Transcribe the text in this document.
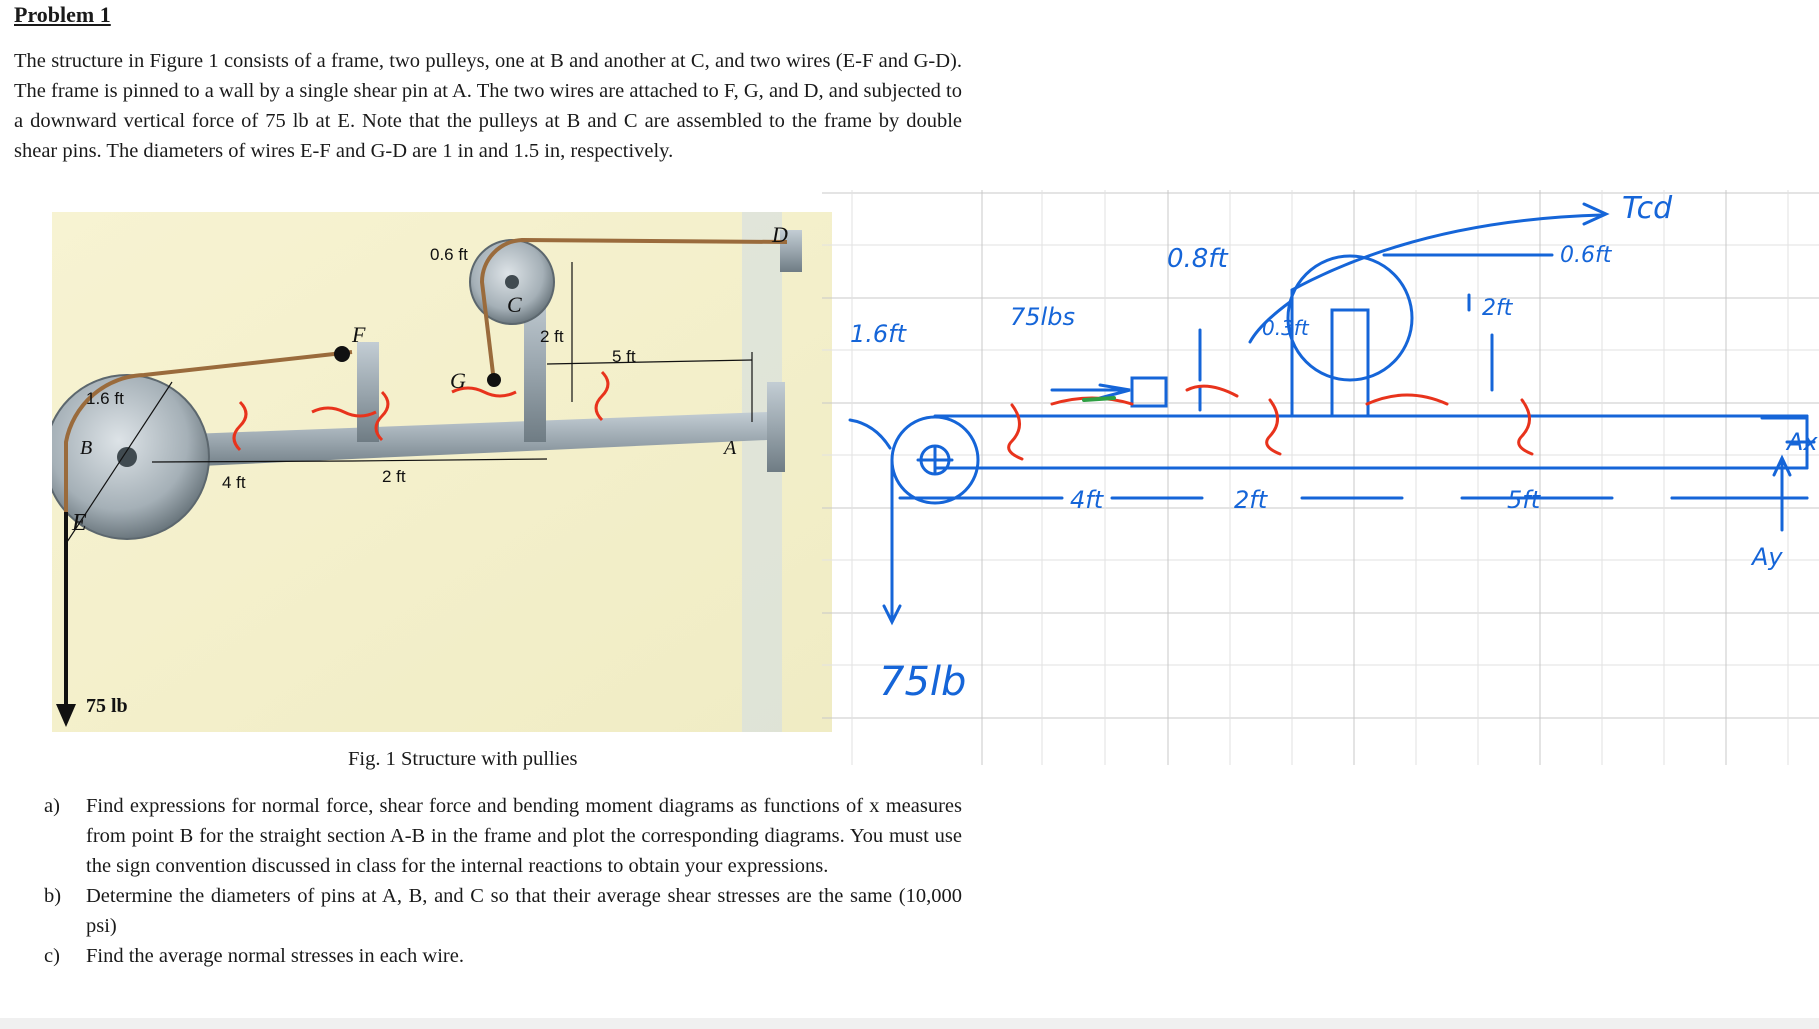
Problem 1
The structure in Figure 1 consists of a frame, two pulleys, one at B and another at C, and two wires (E-F and G-D). The frame is pinned to a wall by a single shear pin at A. The two wires are attached to F, G, and D, and subjected to a downward vertical force of 75 lb at E. Note that the pulleys at B and C are assembled to the frame by double shear pins. The diameters of wires E-F and G-D are 1 in and 1.5 in, respectively.
0.6 ft
D
C
F	2 ft
5 ft
G
1.6 ft
B	A
4 ft	2 ft
E
75 lb
Tcd
0.6ft
0.8ft
75lbs
1.6ft	0.3ft
2ft
Ax
Ay
4ft	2ft	5ft
75lb
Fig. 1 Structure with pullies
a) Find expressions for normal force, shear force and bending moment diagrams as functions of x measures from point B for the straight section A-B in the frame and plot the corresponding diagrams. You must use the sign convention discussed in class for the internal reactions to obtain your expressions.
b) Determine the diameters of pins at A, B, and C so that their average shear stresses are the same (10,000 psi)
c) Find the average normal stresses in each wire.
